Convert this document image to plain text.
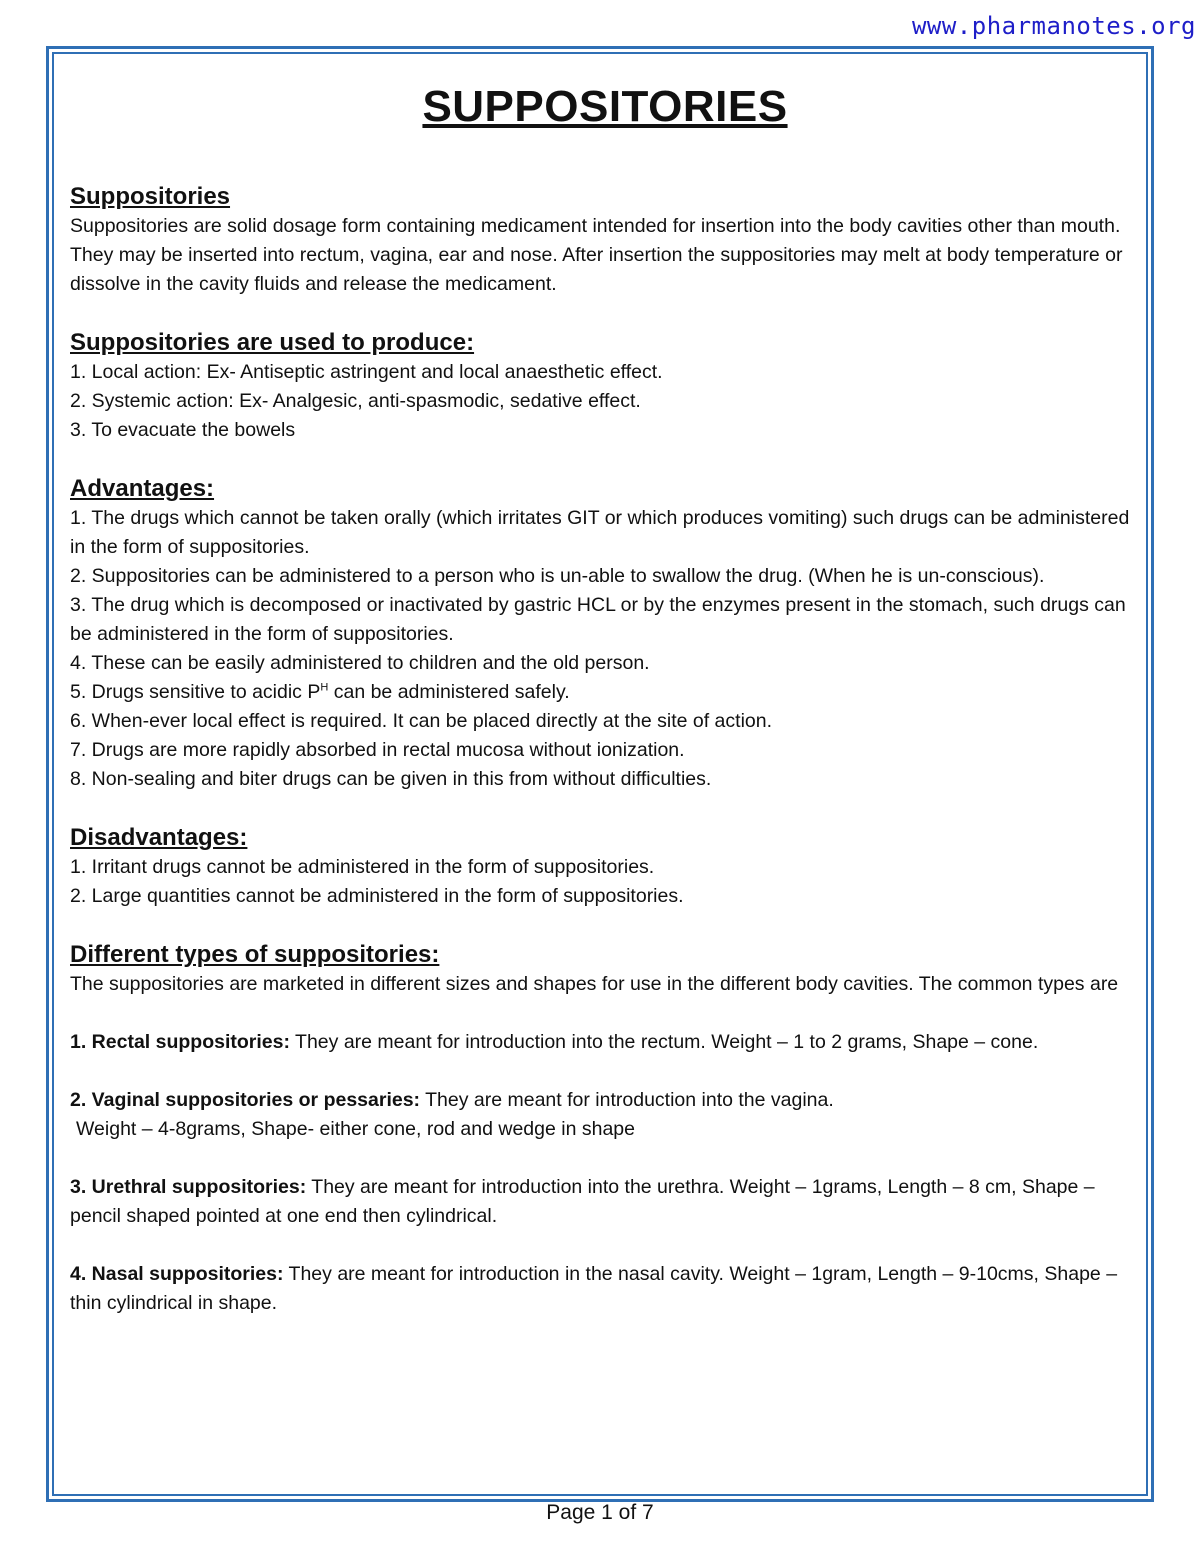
www.pharmanotes.org
SUPPOSITORIES
Suppositories

Suppositories are solid dosage form containing medicament intended for insertion into the body cavities other than mouth. They may be inserted into rectum, vagina, ear and nose. After insertion the suppositories may melt at body temperature or dissolve in the cavity fluids and release the medicament.

Suppositories are used to produce:

1. Local action: Ex- Antiseptic astringent and local anaesthetic effect.

2. Systemic action: Ex- Analgesic, anti-spasmodic, sedative effect.

3. To evacuate the bowels

Advantages:

1. The drugs which cannot be taken orally (which irritates GIT or which produces vomiting) such drugs can be administered in the form of suppositories.

2. Suppositories can be administered to a person who is un-able to swallow the drug. (When he is un-conscious).

3. The drug which is decomposed or inactivated by gastric HCL or by the enzymes present in the stomach, such drugs can be administered in the form of suppositories.

4. These can be easily administered to children and the old person.

5. Drugs sensitive to acidic $P^H$ can be administered safely.

6. When-ever local effect is required. It can be placed directly at the site of action.

7. Drugs are more rapidly absorbed in rectal mucosa without ionization.

8. Non-sealing and biter drugs can be given in this from without difficulties.

Disadvantages:

1. Irritant drugs cannot be administered in the form of suppositories.

2. Large quantities cannot be administered in the form of suppositories.

Different types of suppositories:

The suppositories are marketed in different sizes and shapes for use in the different body cavities. The common types are

1. Rectal suppositories: They are meant for introduction into the rectum. Weight – 1 to 2 grams, Shape – cone.

2. Vaginal suppositories or pessaries: They are meant for introduction into the vagina.

Weight – 4-8grams, Shape- either cone, rod and wedge in shape

3. Urethral suppositories: They are meant for introduction into the urethra. Weight – 1grams, Length – 8 cm, Shape – pencil shaped pointed at one end then cylindrical.

4. Nasal suppositories: They are meant for introduction in the nasal cavity. Weight – 1gram, Length – 9-10cms, Shape – thin cylindrical in shape.

Page 1 of 7
